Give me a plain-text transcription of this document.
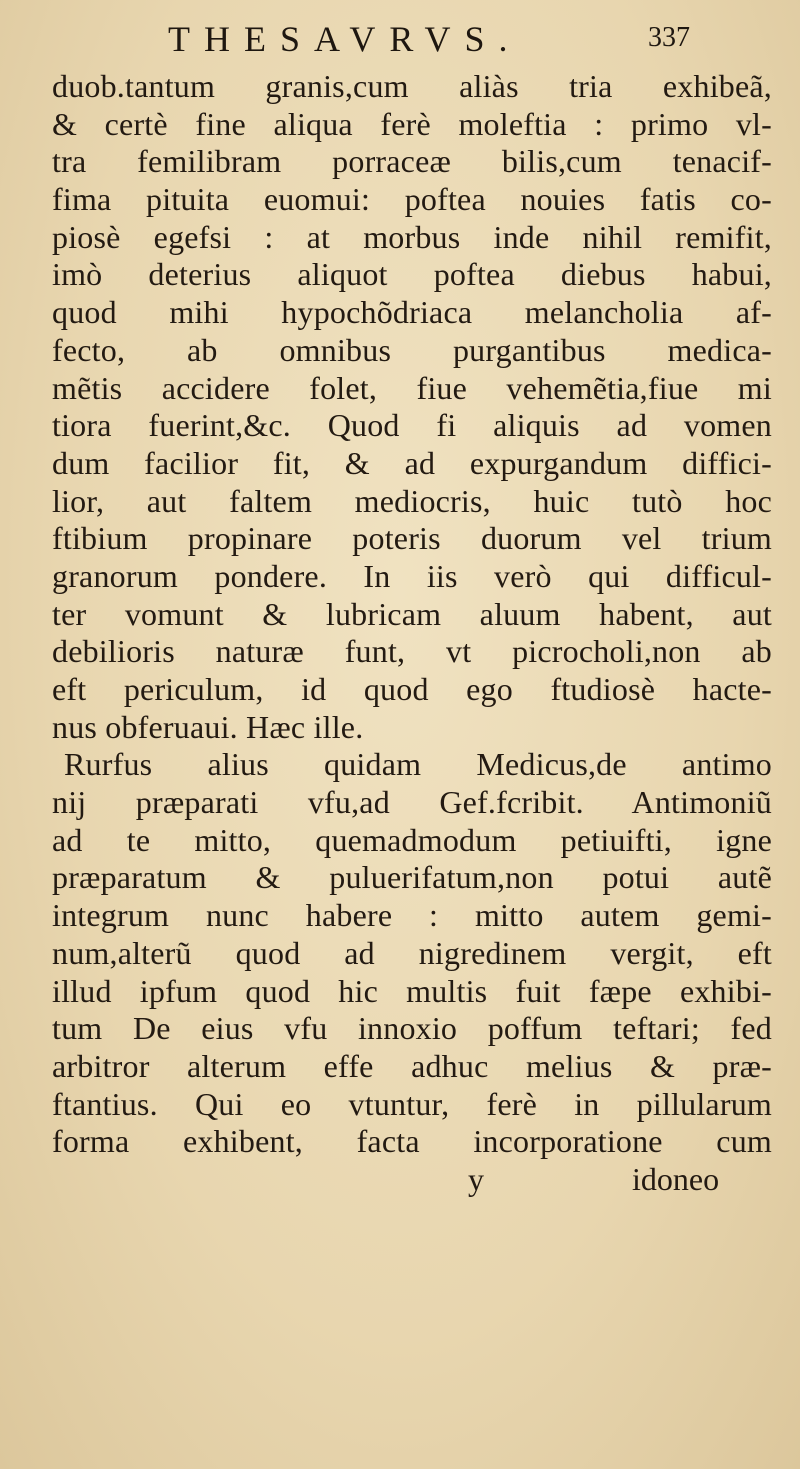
THESAVRVS.	337
duob.tantum granis,cum aliàs tria exhibeã,
& certè fine aliqua ferè moleftia : primo vl-
tra femilibram porraceæ bilis,cum tenacif-
fima pituita euomui: poftea nouies fatis co-
piosè egefsi : at morbus inde nihil remifit,
imò deterius aliquot poftea diebus habui,
quod mihi hypochõdriaca melancholia af-
fecto, ab omnibus purgantibus medica-
mẽtis accidere folet, fiue vehemẽtia,fiue mi
tiora fuerint,&c. Quod fi aliquis ad vomen
dum facilior fit, & ad expurgandum diffici-
lior, aut faltem mediocris, huic tutò hoc
ftibium propinare poteris duorum vel trium
granorum pondere. In iis verò qui difficul-
ter vomunt & lubricam aluum habent, aut
debilioris naturæ funt, vt picrocholi,non ab
eft periculum, id quod ego ftudiosè hacte-
nus obferuaui. Hæc ille.
Rurfus alius quidam Medicus,de antimo
nij præparati vfu,ad Gef.fcribit. Antimoniũ
ad te mitto, quemadmodum petiuifti, igne
præparatum & puluerifatum,non potui autẽ
integrum nunc habere : mitto autem gemi-
num,alterũ quod ad nigredinem vergit, eft
illud ipfum quod hic multis fuit fæpe exhibi-
tum De eius vfu innoxio poffum teftari; fed
arbitror alterum effe adhuc melius & præ-
ftantius. Qui eo vtuntur, ferè in pillularum
forma exhibent, facta incorporatione cum
y	idoneo
